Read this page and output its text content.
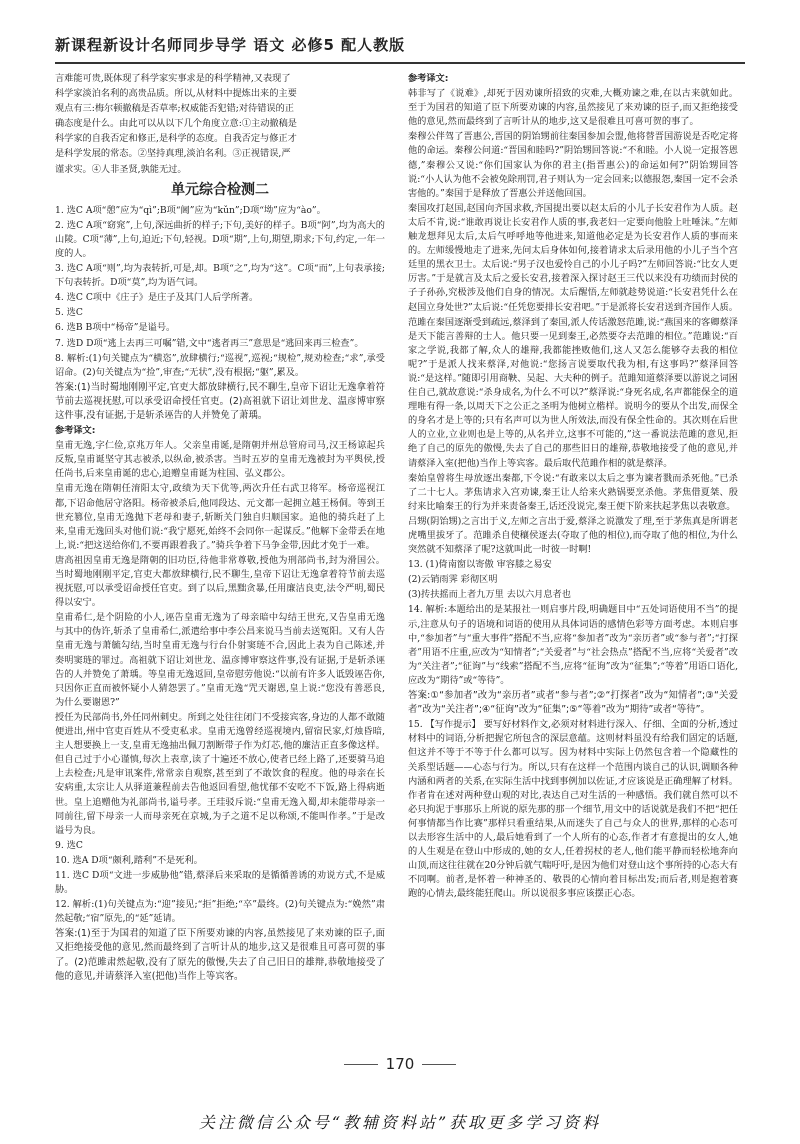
新课程新设计名师同步导学 语文 必修5 配人教版

言难能可贵,既体现了科学家实事求是的科学精神,又表现了

科学家淡泊名利的高贵品质。所以,从材料中提炼出来的主要

观点有三:梅尔顿撤稿是否草率;权威能否犯错;对待错误的正

确态度是什么。由此可以从以下几个角度立意:①主动撤稿是

科学家的自我否定和修正,是科学的态度。自我否定与修正才

是科学发展的常态。②坚持真理,淡泊名利。③正视错误,严

谨求实。④人非圣贤,孰能无过。

单元综合检测二

1. 选C A项“憩”应为“qì”;B项“阃”应为“kǔn”;D项“坳”应为“ào”。

2. 选C A项“窈窕”,上句,深远曲折的样子;下句,美好的样子。B项“阿”,均为高大的山陵。C项“薄”,上句,迫近;下句,轻视。D项“期”,上句,期望,期求;下句,约定,一年一度的人。

3. 选C A项“则”,均为表转折,可是,却。B项“之”,均为“这”。C项“而”,上句表承接;下句表转折。D项“莫”,均为语气词。

4. 选C C项中《庄子》是庄子及其门人后学所著。

5. 选C

6. 选B B项中“杨帝”是谥号。

7. 选D D项“逃上去再三可嘱”错,文中“逃者再三”意思是“逃回来再三检查”。

8. 解析:(1)句关键点为“横恣”,放肆横行;“巡视”,巡视;“规检”,规劝检查;“求”,承受诏命。(2)句关键点为“捡”,审查;“无状”,没有根据;“躯”,累及。

答案:(1)当时蜀地刚刚平定,官吏大都放肆横行,民不聊生,皇帝下诏让无逸拿着符节前去巡视抚慰,可以承受诏命授任官吏。(2)高祖就下诏让刘世龙、温彦博审察这件事,没有证据,于是斩杀诬告的人并赞免了萧瑀。

参考译文:

皇甫无逸,字仁俭,京兆万年人。父亲皇甫诞,是隋朝并州总管府司马,汉王杨谅起兵反叛,皇甫诞坚守其志被杀,以纵命,被杀害。当时五岁的皇甫无逸被封为平舆侯,授任尚书,后来皇甫诞的忠心,追赠皇甫诞为柱国、弘义郡公。

皇甫无逸在隋朝任淯阳太守,政绩为天下优等,两次升任右武卫将军。杨帝巡视江都,下诏命他居守洛阳。杨帝被杀后,他同段达、元文都一起拥立越王杨侗。等到王世充篡位,皇甫无逸抛下老母和妻子,斩断关门独自归顺国家。追他的骑兵赶了上来,皇甫无逸回头对他们说:“我宁愿死,始终不会同你一起谋反。”他解下金带丢在地上,说:“把这送给你们,不要再跟着我了。”骑兵争着下马争金带,因此才免于一难。

唐高祖因皇甫无逸是隋朝的旧功臣,待他非常尊敬,授他为刑部尚书,封为滑国公。当时蜀地刚刚平定,官吏大都放肆横行,民不聊生,皇帝下诏让无逸拿着符节前去巡视抚慰,可以承受诏命授任官吏。到了以后,黑黜贪暴,任用廉洁良吏,法令严明,蜀民得以安宁。

皇甫希仁,是个阴险的小人,诬告皇甫无逸为了母亲暗中勾结王世充,又告皇甫无逸与其中的伪许,斩杀了皇甫希仁,派遣给事中李公昌来说马当前去送冤阳。又有人告皇甫无逸与萧毓勾结,当时皇甫无逸与行台仆射窦琏不合,因此上表为自己陈述,并奏明窦琏的罪过。高祖就下诏让刘世龙、温彦博审察这件事,没有证据,于是斩杀诬告的人并赞免了萧瑀。等皇甫无逸返回,皇帝慰劳他说:“以前有许多人诋毁诬告你,只因你正直而被怀疑小人猜怨罢了。”皇甫无逸“咒天谢恩,皇上说:“您没有善恶良,为什么要谢恩?”

授任为民部尚书,外任同州刺史。所到之处往往闭门不受接宾客,身边的人都不敢随便进出,州中官吏百姓从不受吏私求。皇甫无逸曾经巡视境内,留宿民家,灯烛昏暗,主人想要换上一支,皇甫无逸抽出佩刀割断带子作为灯芯,他的廉洁正直多像这样。但自己过于小心谨慎,每次上表章,读了十遍还不放心,使者已经上路了,还要骑马追上去检查;凡是审讯案件,常常亲自观察,甚至到了不敢饮食的程度。他的母亲在长安病重,太宗让人从驿道兼程前去告他返回看望,他忧郁不安吃不下饭,路上得病逝世。皇上追赠他为礼部尚书,谥号孝。王珪驳斥说:“皇甫无逸入蜀,却未能带母亲一同前往,留下母亲一人而母亲死在京城,为子之道不足以称颂,不能叫作孝。”于是改谥号为良。

9. 选C

10. 选A D项“颇利,踏利”不是死利。

11. 选C D项“文进一步威胁他”错,蔡泽后来采取的是循循善诱的劝说方式,不是威胁。

12. 解析:(1)句关键点为:“迎”接见;“拒”拒绝;“卒”最终。(2)句关键点为:“娩然”肃然起敬;“宿”原先,的“延”延请。

答案:(1)至于为国君的知道了臣下所要劝谏的内容,虽然接见了来劝谏的臣子,面又拒绝接受他的意见,然而最终到了言听计从的地步,这又是很难且可喜可贺的事了。(2)范雎肃然起敬,没有了原先的傲慢,失去了自己旧日的雄辩,恭敬地接受了他的意见,并请蔡泽入室(把他)当作上等宾客。

参考译文:

韩非写了《说难》,却死于因劝谏所招致的灾难,大概劝谏之难,在以古来就如此。至于为国君的知道了臣下所要劝谏的内容,虽然接见了来劝谏的臣子,而又拒绝接受他的意见,然而最终到了言听计从的地步,这又是很难且可喜可贺的事了。

秦穆公伴驾了晋惠公,晋国的阴饴甥前往秦国参加会盟,他将替晋国游说是否吃定将他的命运。秦穆公问道:“晋国和睦吗?”阴饴甥回答说:“不和睦。小人说一定报答恩德,”秦穆公又说:“你们国家认为你的君主(指晋惠公)的命运如何?”阴饴甥回答说:“小人认为他不会被免除刑罚,君子则认为一定会回来;以德报怨,秦国一定不会杀害他的。”秦国于是释放了晋惠公并送他回国。

秦国攻打赵国,赵国向齐国求救,齐国提出要以赵太后的小儿子长安君作为人质。赵太后不肯,说:“谁敢再说让长安君作人质的事,我老妇一定要向他脸上吐唾沫。”左师触龙想拜见太后,太后气呼呼地等他进来,知道他必定是为长安君作人质的事而来的。左师缓慢地走了进来,先问太后身体如何,接着请求太后录用他的小儿子当个宫廷里的黑衣卫士。太后说:“男子汉也爱怜自己的小儿子吗?”左师回答说:“比女人更厉害。”于是就言及太后之爱长安君,接着深入探讨赵王三代以来没有功绩而封侯的子子孙孙,究极涉及他们自身的情况。太后醒悟,左师就趁势说道:“长安君凭什么在赵国立身处世?”太后说:“任凭您要排长安君吧。”于是派将长安君送到齐国作人质。

范雎在秦国逐渐受到疏远,蔡泽到了秦国,派人传话激怒范雎,说:“燕国来的客卿蔡泽是天下能言善辩的士人。他只要一见到秦王,必然要夺去范雎的相位。”范雎说:“百家之学说,我都了解,众人的雄辩,我都能挫败他们,这人又怎么能够夺去我的相位呢?”于是派人找来蔡泽,对他说:“您扬言说要取代我为相,有这事吗?”蔡泽回答说:“是这样。”随即引用商鞅、吴起、大夫种的例子。范雎知道蔡泽要以游说之词困住自己,就故意说:“杀身成名,为什么不可以?”蔡泽说:“身死名成,名声都能保全的道理唯有得一条,以周天下之公正之圣明为他树立楷样。说明今的要从个出发,而保全的身名才是上等的;只有名声可以为世人所效法,而没有保全性命的。其次则在后世人的立业,立业则也是上等的,从名并立,这事不可能的,”这一番说法范雎的意见,拒绝了自己的原先的傲慢,失去了自己的那些旧日的雄辩,恭敬地接受了他的意见,并请蔡泽入室(把他)当作上等宾客。最后取代范雎作相的就是蔡泽。

秦始皇曾将生母放逐出秦都,下令说:“有敢来以太后之事为谏者戮而杀死他。”已杀了二十七人。茅焦请求入宫劝谏,秦王让人给来火熟锅要烹杀他。茅焦借夏桀、殷纣来比喻秦王的行为并来责备秦王,话还没说完,秦王便下阶来扶起茅焦以表敬意。

吕甥(阴饴甥)之言出于义,左师之言出于爱,蔡泽之说激发了理,至于茅焦真是所谓老虎嘴里拔牙了。范雎杀自使穰侯逐去(夺取了他的相位),而夺取了他的相位,为什么突然就不知蔡泽了呢?这就叫此一时彼一时啊!

13. (1)倚南窗以寄傲 审容膝之易安

(2)云销雨霁 彩彻区明

(3)抟扶摇而上者九万里 去以六月息者也

14. 解析:本题给出的是某报社一则启事片段,明确题目中“五处词语使用不当”的提示,注意从句子的语境和词语的使用从具体词语的感情色彩等方面考虑。本则启事中,“参加者”与“重大事件”搭配不当,应将“参加者”改为“亲历者”或“参与者”;“打探者”用语不庄重,应改为“知情者”;“关爱者”与“社会热点”搭配不当,应将“关爱者”改为“关注者”;“征询”与“线索”搭配不当,应将“征询”改为“征集”;“等着”用语口语化,应改为“期待”或“等待”。

答案:①“参加者”改为“亲历者”或者“参与者”;②“打探者”改为“知情者”;③“关爱者”改为“关注者”;④“征询”改为“征集”;⑤“等着”改为“期待”或者“等待”。

15. 【写作提示】 要写好材料作文,必须对材料进行深入、仔细、全面的分析,透过材料中的词语,分析把握它所包含的深层意蕴。这则材料虽没有给我们固定的话题,但这并不等于不等于什么都可以写。因为材料中实际上仍然包含着一个隐藏性的关系型话题——心态与行为。所以,只有在这样一个范围内谈自己的认识,调顺各种内涵和两者的关系,在实际生活中找到事例加以佐证,才应该说是正确理解了材料。作者肯在述对两种登山观的对比,表达自己对生活的一种感悟。我们就自然可以不必只拘泥于事那乐上所说的原先那的那一个细节,用文中的话说就是我们不把“把任何事情都当作比赛”那样只看重结果,从而迷失了自己与众人的世界,那样的心态可以去形容生活中的人,最后她看到了一个人所有的心态,作者才有意提出的女人,她的人生观是在登山中形成的,她的女人,任着拐杖的老人,他们能平静而轻松地奔向山顶,而这往往就在20分钟后就气喘吁吁,是因为他们对登山这个事所持的心态大有不同啊。前者,是怀着一种神圣的、敬畏的心情向着目标出发;而后者,则是抱着赛跑的心情去,最终能狂爬山。所以说很多事应该摆正心态。

170
关注微信公众号“教辅资料站”获取更多学习资料
